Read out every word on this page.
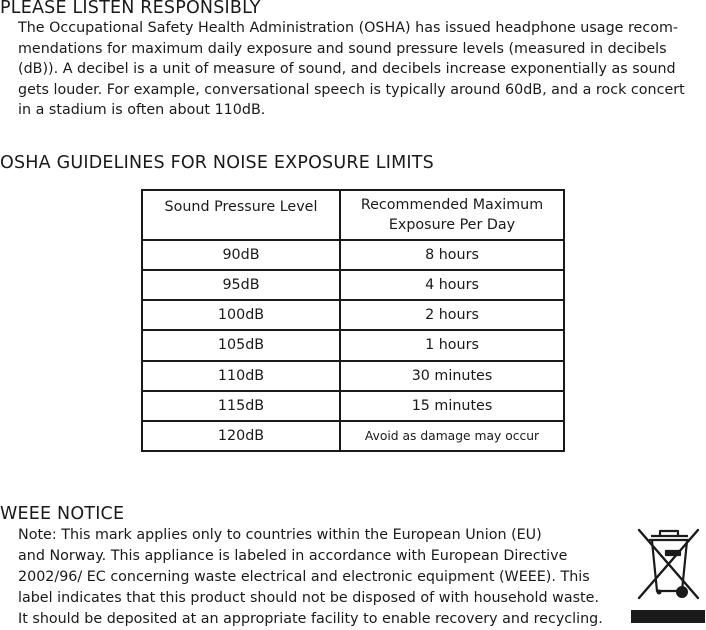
PLEASE LISTEN RESPONSIBLY

The Occupational Safety Health Administration (OSHA) has issued headphone usage recom-
mendations for maximum daily exposure and sound pressure levels (measured in decibels
(dB)). A decibel is a unit of measure of sound, and decibels increase exponentially as sound
gets louder. For example, conversational speech is typically around 60dB, and a rock concert
in a stadium is often about 110dB.

OSHA GUIDELINES FOR NOISE EXPOSURE LIMITS
Sound Pressure Level	Recommended Maximum
Exposure Per Day

90dB	8 hours
95dB	4 hours
100dB	2 hours
105dB	1 hours
110dB	30 minutes
115dB	15 minutes
120dB	Avoid as damage may occur
WEEE NOTICE

Note: This mark applies only to countries within the European Union (EU)
and Norway. This appliance is labeled in accordance with European Directive
2002/96/ EC concerning waste electrical and electronic equipment (WEEE). This
label indicates that this product should not be disposed of with household waste.
It should be deposited at an appropriate facility to enable recovery and recycling.
